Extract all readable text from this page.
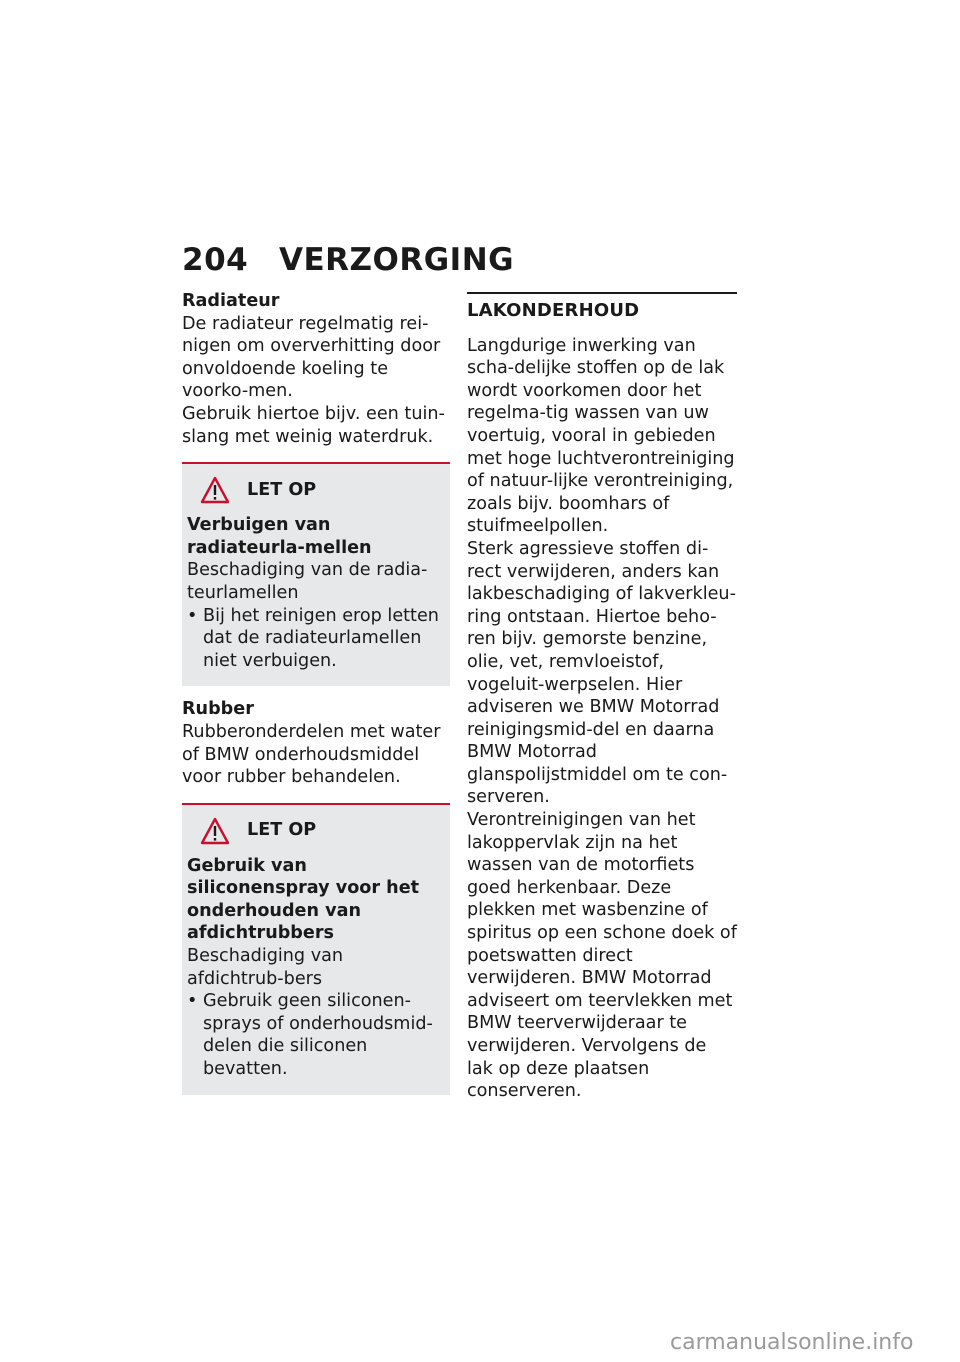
204 VERZORGING

Radiateur

De radiateur regelmatig rei-nigen om oververhitting door onvoldoende koeling te voorko-men.

Gebruik hiertoe bijv. een tuin-slang met weinig waterdruk.

LET OP

Verbuigen van radiateurla-mellen

Beschadiging van de radia-teurlamellen

• Bij het reinigen erop letten dat de radiateurlamellen niet verbuigen.

Rubber

Rubberonderdelen met water of BMW onderhoudsmiddel voor rubber behandelen.

LET OP

Gebruik van siliconenspray voor het onderhouden van afdichtrubbers

Beschadiging van afdichtrub-bers

• Gebruik geen siliconen-sprays of onderhoudsmid-delen die siliconen bevatten.

LAKONDERHOUD

Langdurige inwerking van scha-delijke stoffen op de lak wordt voorkomen door het regelma-tig wassen van uw voertuig, vooral in gebieden met hoge luchtverontreiniging of natuur-lijke verontreiniging, zoals bijv. boomhars of stuifmeelpollen.

Sterk agressieve stoffen di-rect verwijderen, anders kan lakbeschadiging of lakverkleu-ring ontstaan. Hiertoe beho-ren bijv. gemorste benzine, olie, vet, remvloeistof, vogeluit-werpselen. Hier adviseren we BMW Motorrad reinigingsmid-del en daarna BMW Motorrad glanspolijstmiddel om te con-serveren.

Verontreinigingen van het lakoppervlak zijn na het wassen van de motorfiets goed herkenbaar. Deze plekken met wasbenzine of spiritus op een schone doek of poetswatten direct verwijderen. BMW Motorrad adviseert om teervlekken met BMW teerverwijderaar te verwijderen. Vervolgens de lak op deze plaatsen conserveren.

carmanualsonline.info
